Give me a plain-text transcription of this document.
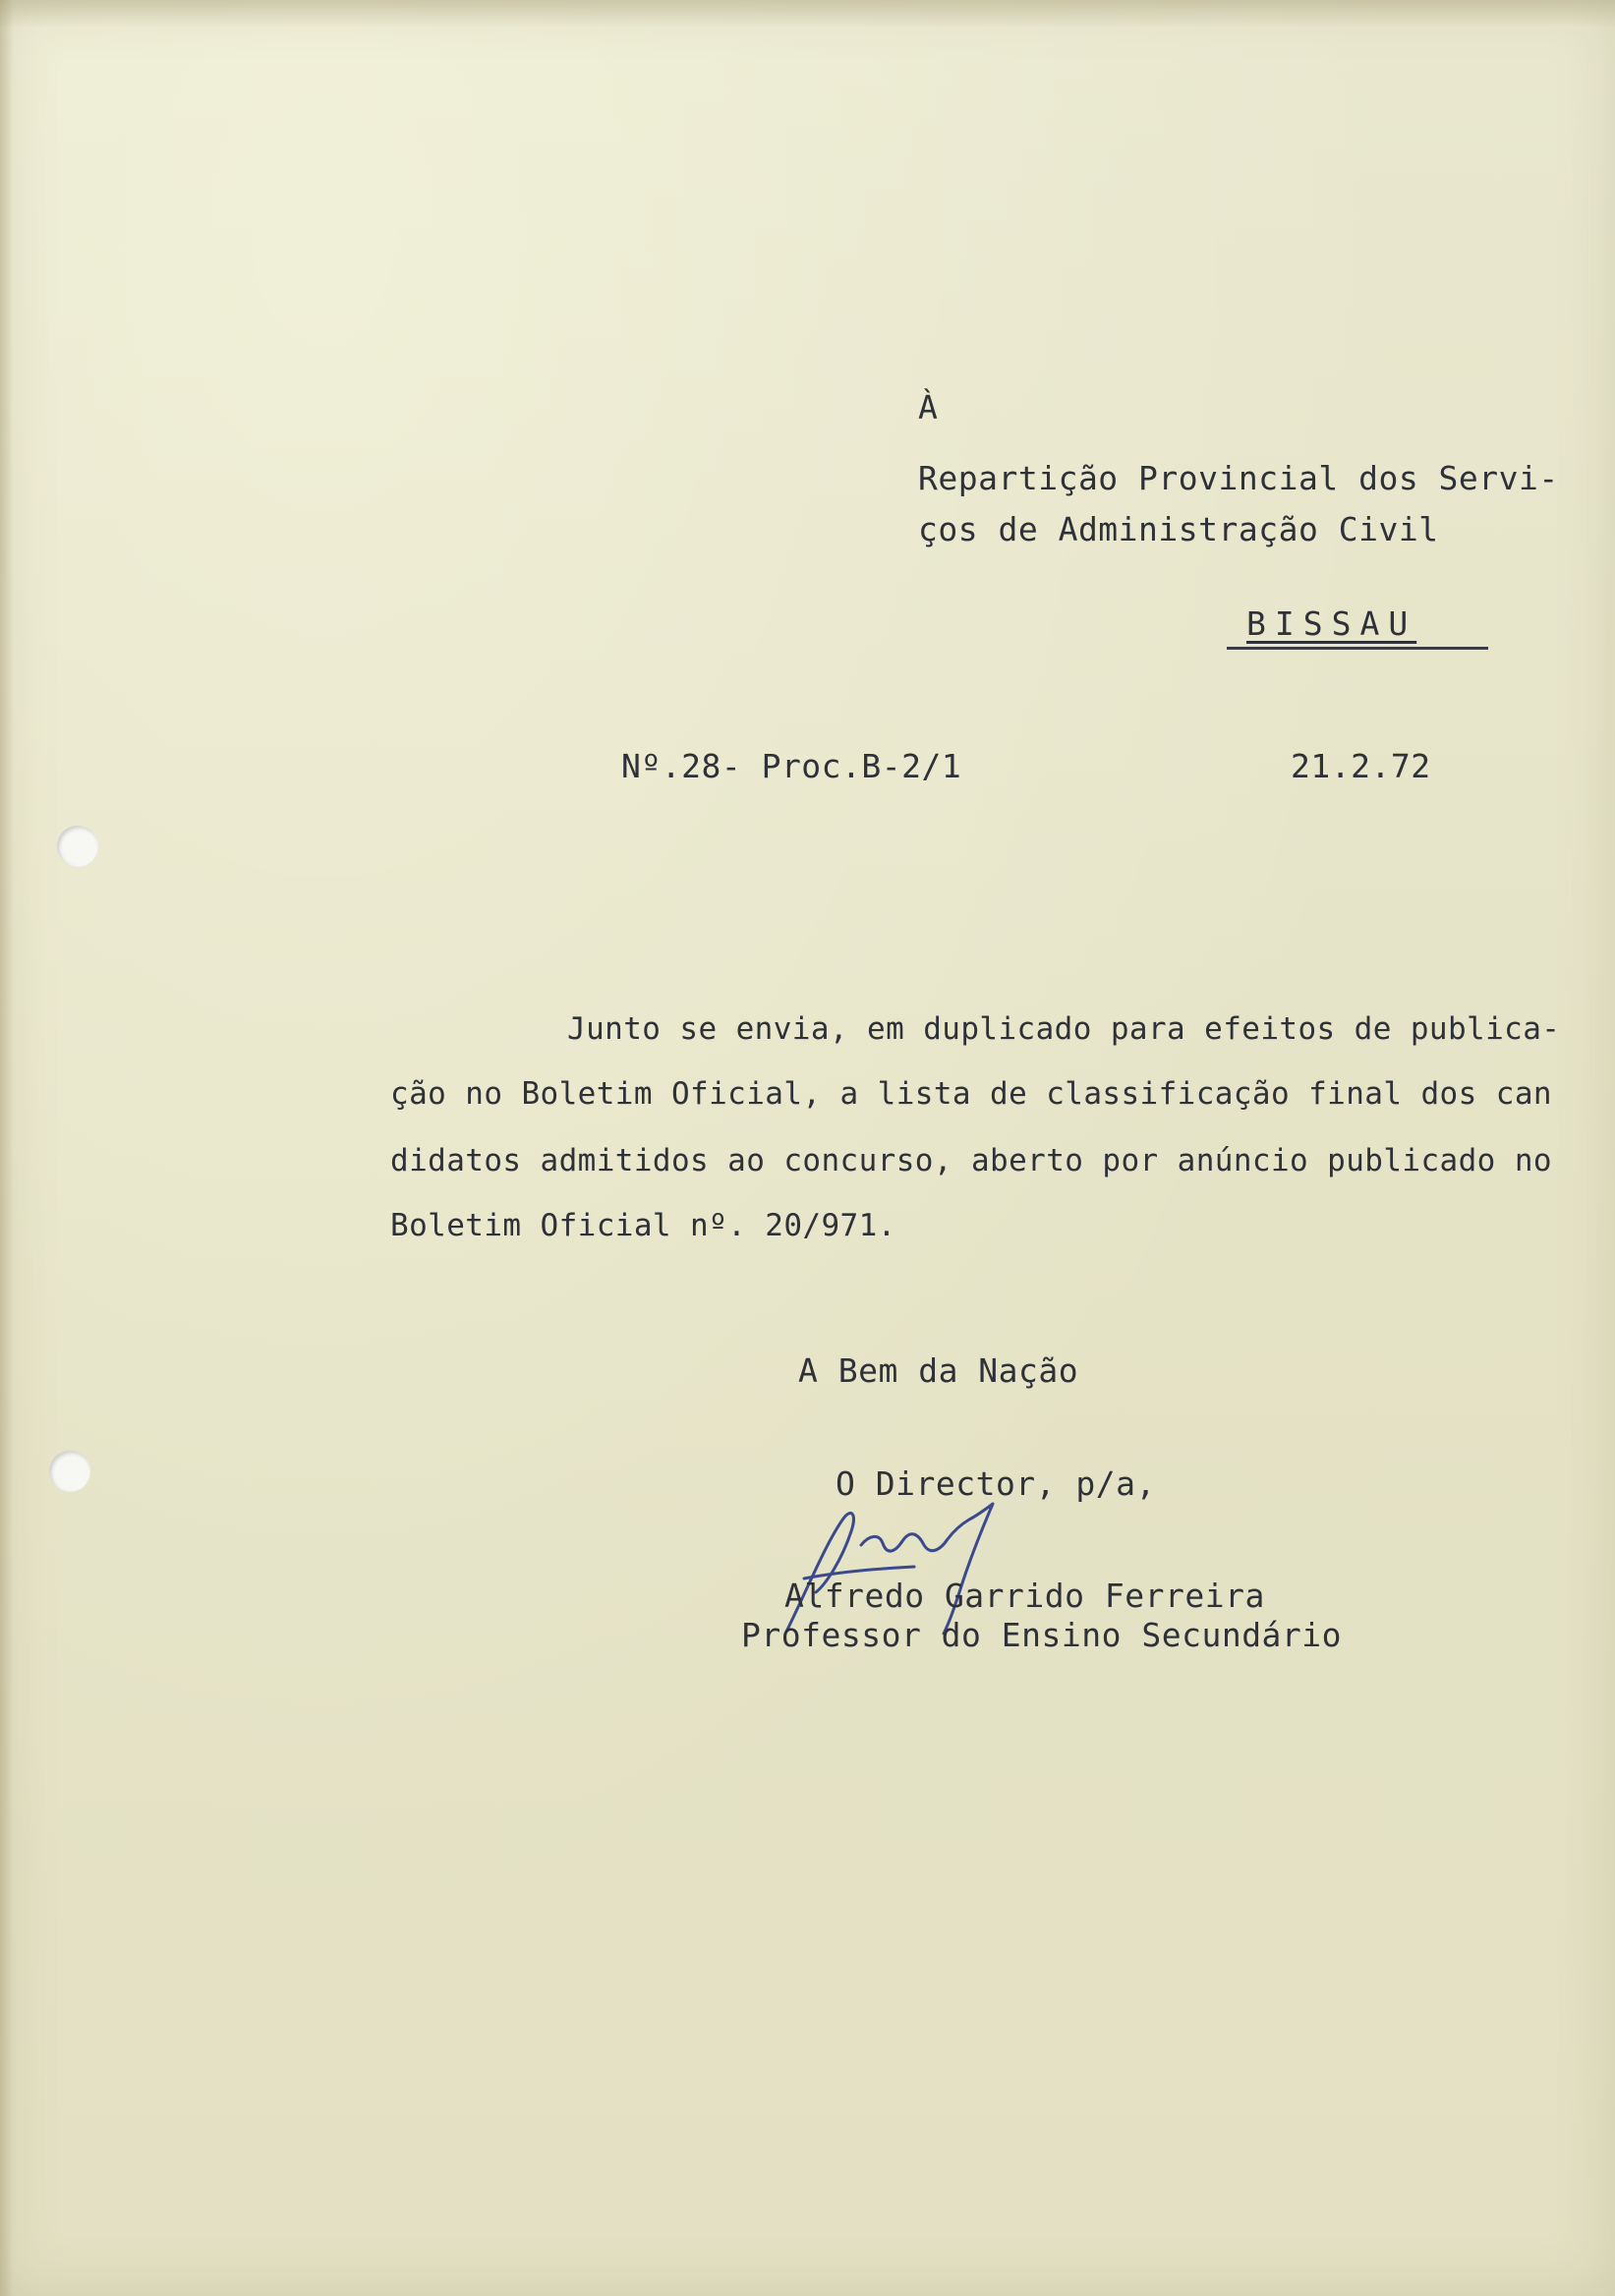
À
Repartição Provincial dos Servi-
ços de Administração Civil
BISSAU
Nº.28- Proc.B-2/1	21.2.72
Junto se envia, em duplicado para efeitos de publica-
ção no Boletim Oficial, a lista de classificação final dos can
didatos admitidos ao concurso, aberto por anúncio publicado no
Boletim Oficial nº. 20/971.
A Bem da Nação
O Director, p/a,
Alfredo Garrido Ferreira
Professor do Ensino Secundário
